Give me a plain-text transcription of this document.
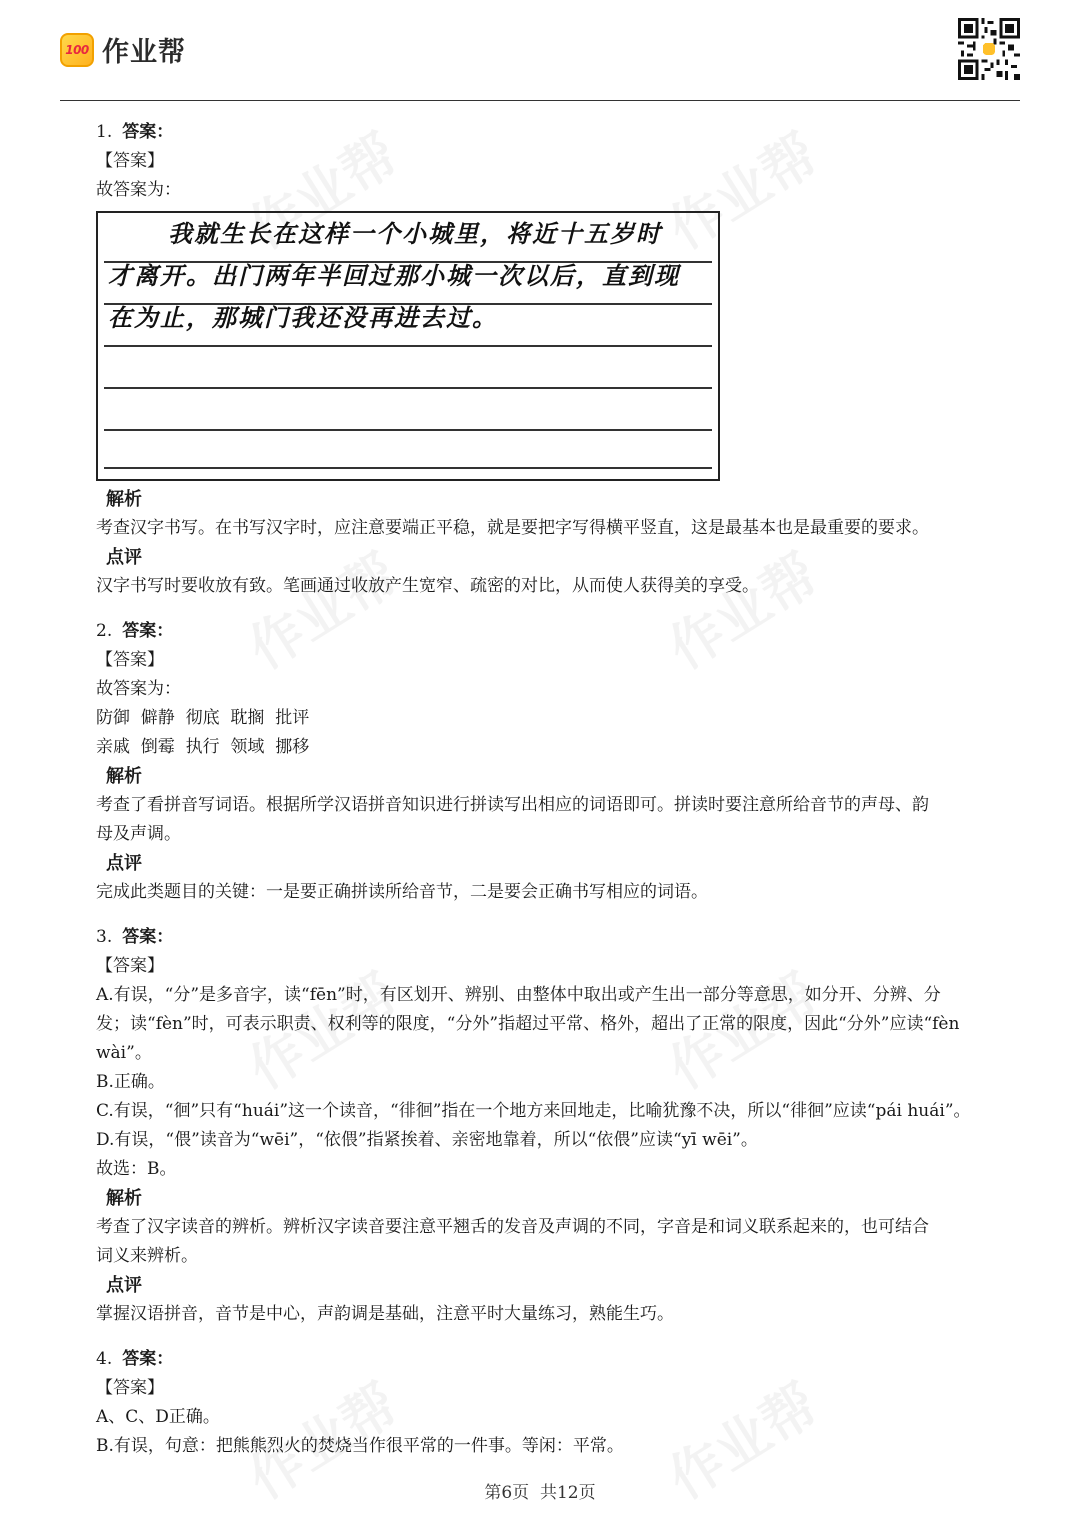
100 作业帮

1. 答案：

【答案】

故答案为：

我就生长在这样一个小城里，将近十五岁时
才离开。出门两年半回过那小城一次以后，直到现
在为止，那城门我还没再进去过。

解析

考查汉字书写。在书写汉字时，应注意要端正平稳，就是要把字写得横平竖直，这是最基本也是最重要的要求。

点评

汉字书写时要收放有致。笔画通过收放产生宽窄、疏密的对比，从而使人获得美的享受。

2. 答案：

【答案】

故答案为：

防御  僻静  彻底  耽搁  批评

亲戚  倒霉  执行  领域  挪移

解析

考查了看拼音写词语。根据所学汉语拼音知识进行拼读写出相应的词语即可。拼读时要注意所给音节的声母、韵

母及声调。

点评

完成此类题目的关键：一是要正确拼读所给音节，二是要会正确书写相应的词语。

3. 答案：

【答案】

A.有误，“分”是多音字，读“fēn”时，有区划开、辨别、由整体中取出或产生出一部分等意思，如分开、分辨、分

发；读“fèn”时，可表示职责、权利等的限度，“分外”指超过平常、格外，超出了正常的限度，因此“分外”应读“fèn

wài”。

B.正确。

C.有误，“徊”只有“huái”这一个读音，“徘徊”指在一个地方来回地走，比喻犹豫不决，所以“徘徊”应读“pái huái”。

D.有误，“偎”读音为“wēi”，“依偎”指紧挨着、亲密地靠着，所以“依偎”应读“yī wēi”。

故选：B。

解析

考查了汉字读音的辨析。辨析汉字读音要注意平翘舌的发音及声调的不同，字音是和词义联系起来的，也可结合

词义来辨析。

点评

掌握汉语拼音，音节是中心，声韵调是基础，注意平时大量练习，熟能生巧。

4. 答案：

【答案】

A、C、D正确。

B.有误，句意：把熊熊烈火的焚烧当作很平常的一件事。等闲：平常。

第6页  共12页
